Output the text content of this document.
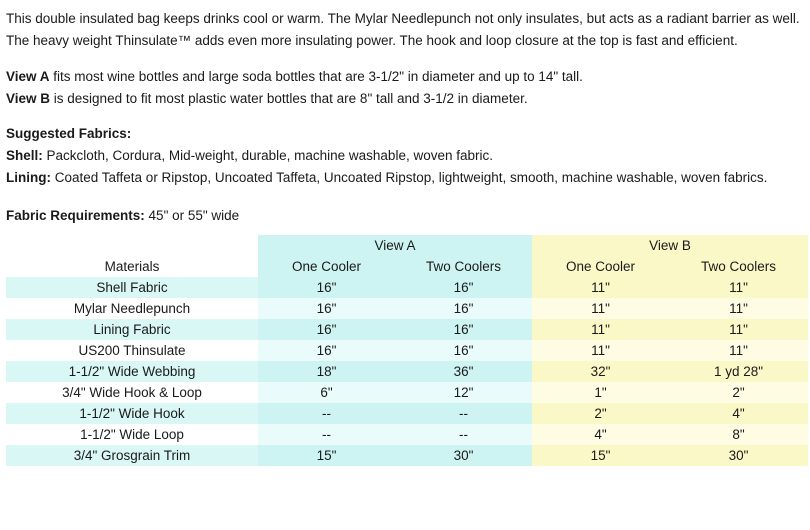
This double insulated bag keeps drinks cool or warm. The Mylar Needlepunch not only insulates, but acts as a radiant barrier as well.

The heavy weight Thinsulate™ adds even more insulating power. The hook and loop closure at the top is fast and efficient.

View A fits most wine bottles and large soda bottles that are 3-1/2" in diameter and up to 14" tall.

View B is designed to fit most plastic water bottles that are 8" tall and 3-1/2 in diameter.

Suggested Fabrics:

Shell: Packcloth, Cordura, Mid-weight, durable, machine washable, woven fabric.

Lining: Coated Taffeta or Ripstop, Uncoated Taffeta, Uncoated Ripstop, lightweight, smooth, machine washable, woven fabrics.

Fabric Requirements: 45" or 55" wide

	View A		View B	
Materials	One Cooler	Two Coolers	One Cooler	Two Coolers
Shell Fabric	16"	16"	11"	11"
Mylar Needlepunch	16"	16"	11"	11"
Lining Fabric	16"	16"	11"	11"
US200 Thinsulate	16"	16"	11"	11"
1-1/2" Wide Webbing	18"	36"	32"	1 yd 28"
3/4" Wide Hook & Loop	6"	12"	1"	2"
1-1/2" Wide Hook	--	--	2"	4"
1-1/2" Wide Loop	--	--	4"	8"
3/4" Grosgrain Trim	15"	30"	15"	30"
